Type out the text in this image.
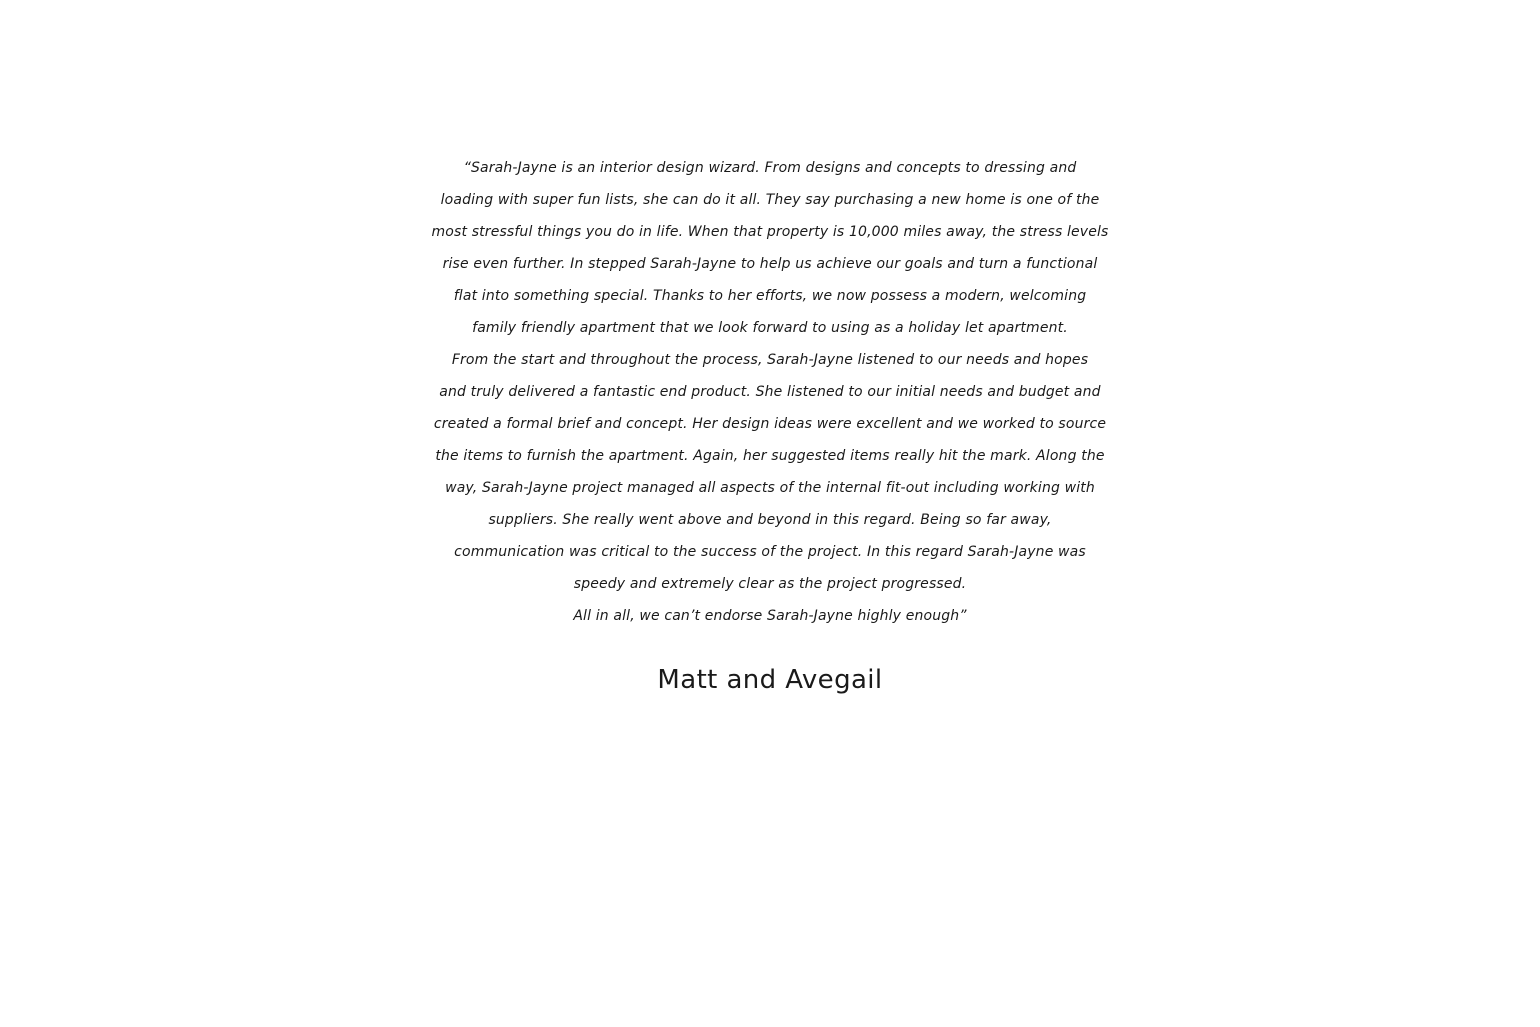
“Sarah-Jayne is an interior design wizard. From designs and concepts to dressing and
loading with super fun lists, she can do it all. They say purchasing a new home is one of the
most stressful things you do in life. When that property is 10,000 miles away, the stress levels
rise even further. In stepped Sarah-Jayne to help us achieve our goals and turn a functional
flat into something special. Thanks to her efforts, we now possess a modern, welcoming
family friendly apartment that we look forward to using as a holiday let apartment.
From the start and throughout the process, Sarah-Jayne listened to our needs and hopes
and truly delivered a fantastic end product. She listened to our initial needs and budget and
created a formal brief and concept. Her design ideas were excellent and we worked to source
the items to furnish the apartment. Again, her suggested items really hit the mark. Along the
way, Sarah-Jayne project managed all aspects of the internal fit-out including working with
suppliers. She really went above and beyond in this regard. Being so far away,
communication was critical to the success of the project. In this regard Sarah-Jayne was
speedy and extremely clear as the project progressed.
All in all, we can’t endorse Sarah-Jayne highly enough”
Matt and Avegail
